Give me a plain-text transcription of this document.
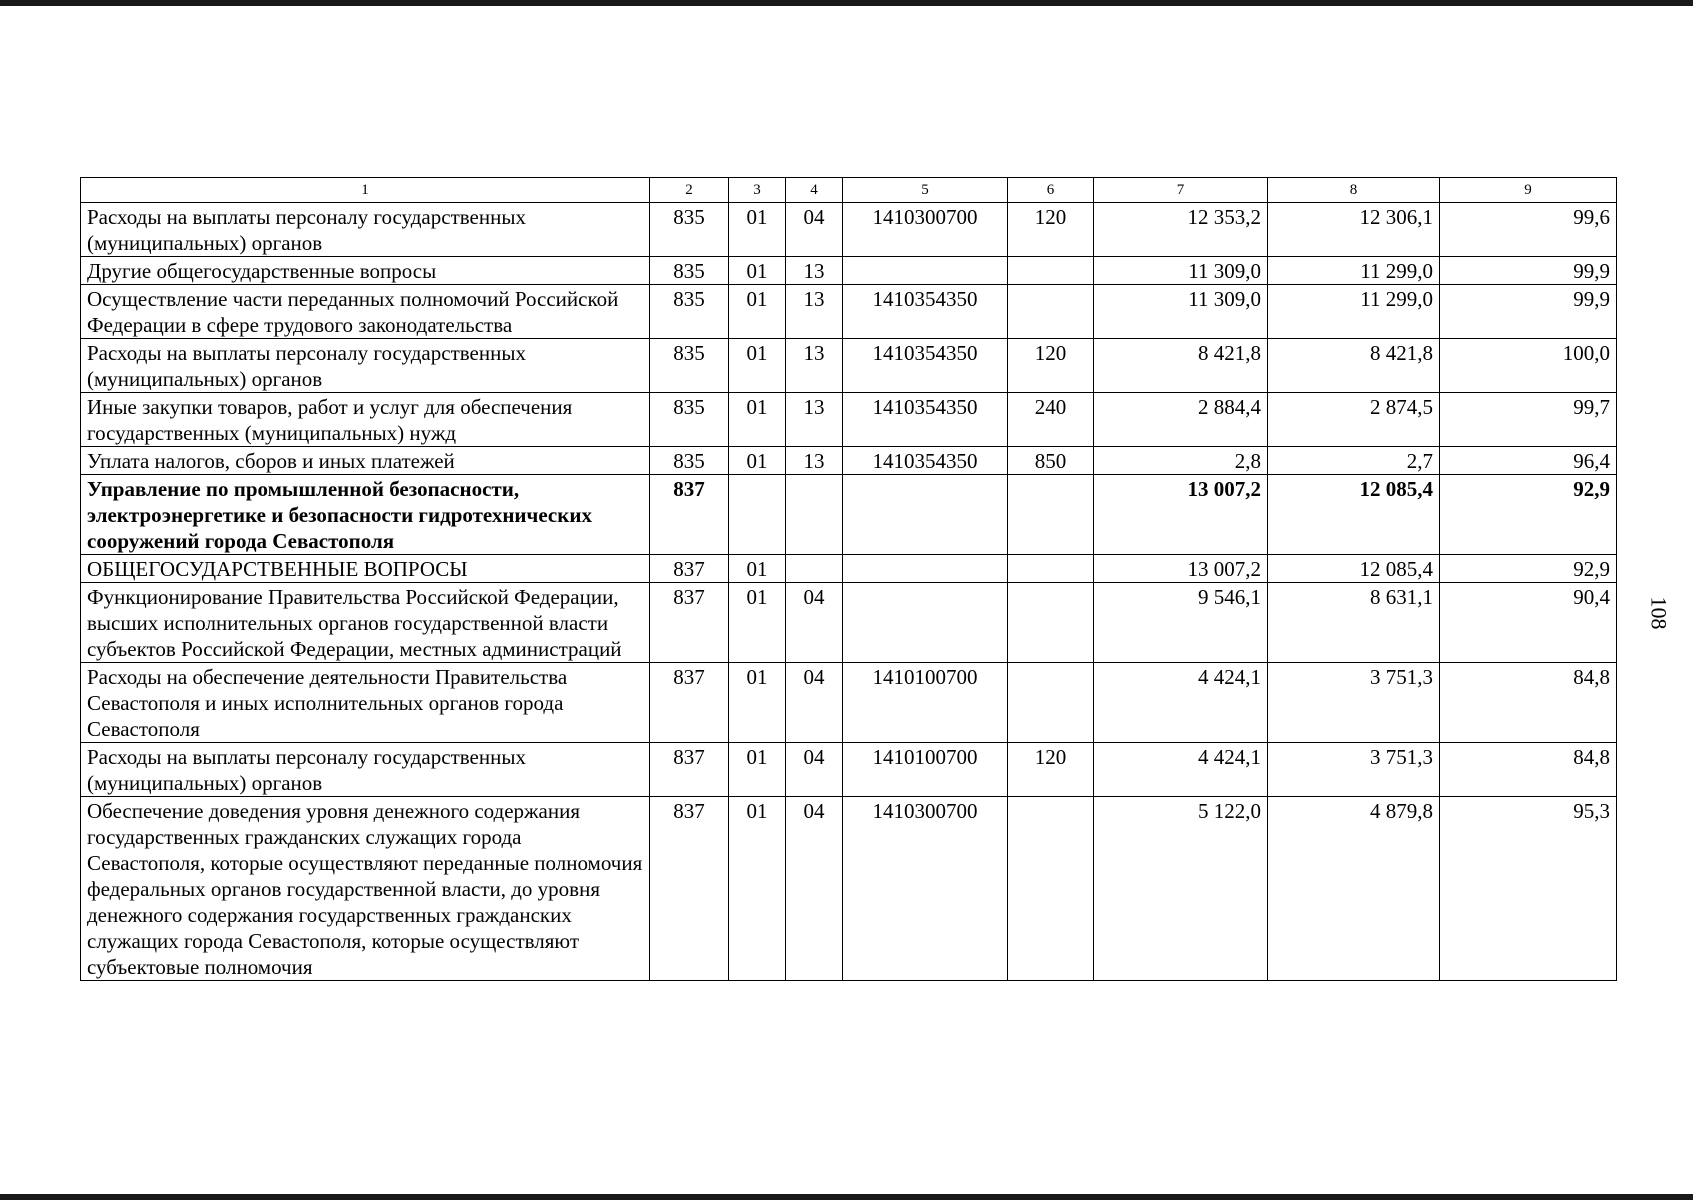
108
1	2	3	4	5	6	7	8	9
Расходы на выплаты персоналу государственных (муниципальных) органов	835	01	04	1410300700	120	12 353,2	12 306,1	99,6
Другие общегосударственные вопросы	835	01	13			11 309,0	11 299,0	99,9
Осуществление части переданных полномочий Российской Федерации в сфере трудового законодательства	835	01	13	1410354350		11 309,0	11 299,0	99,9
Расходы на выплаты персоналу государственных (муниципальных) органов	835	01	13	1410354350	120	8 421,8	8 421,8	100,0
Иные закупки товаров, работ и услуг для обеспечения государственных (муниципальных) нужд	835	01	13	1410354350	240	2 884,4	2 874,5	99,7
Уплата налогов, сборов и иных платежей	835	01	13	1410354350	850	2,8	2,7	96,4
Управление по промышленной безопасности, электроэнергетике и безопасности гидротехнических сооружений города Севастополя	837					13 007,2	12 085,4	92,9
ОБЩЕГОСУДАРСТВЕННЫЕ ВОПРОСЫ	837	01				13 007,2	12 085,4	92,9
Функционирование Правительства Российской Федерации, высших исполнительных органов государственной власти субъектов Российской Федерации, местных администраций	837	01	04			9 546,1	8 631,1	90,4
Расходы на обеспечение деятельности Правительства Севастополя и иных исполнительных органов города Севастополя	837	01	04	1410100700		4 424,1	3 751,3	84,8
Расходы на выплаты персоналу государственных (муниципальных) органов	837	01	04	1410100700	120	4 424,1	3 751,3	84,8
Обеспечение доведения уровня денежного содержания государственных гражданских служащих города Севастополя, которые осуществляют переданные полномочия федеральных органов государственной власти, до уровня денежного содержания государственных гражданских служащих города Севастополя, которые осуществляют субъектовые полномочия	837	01	04	1410300700		5 122,0	4 879,8	95,3
